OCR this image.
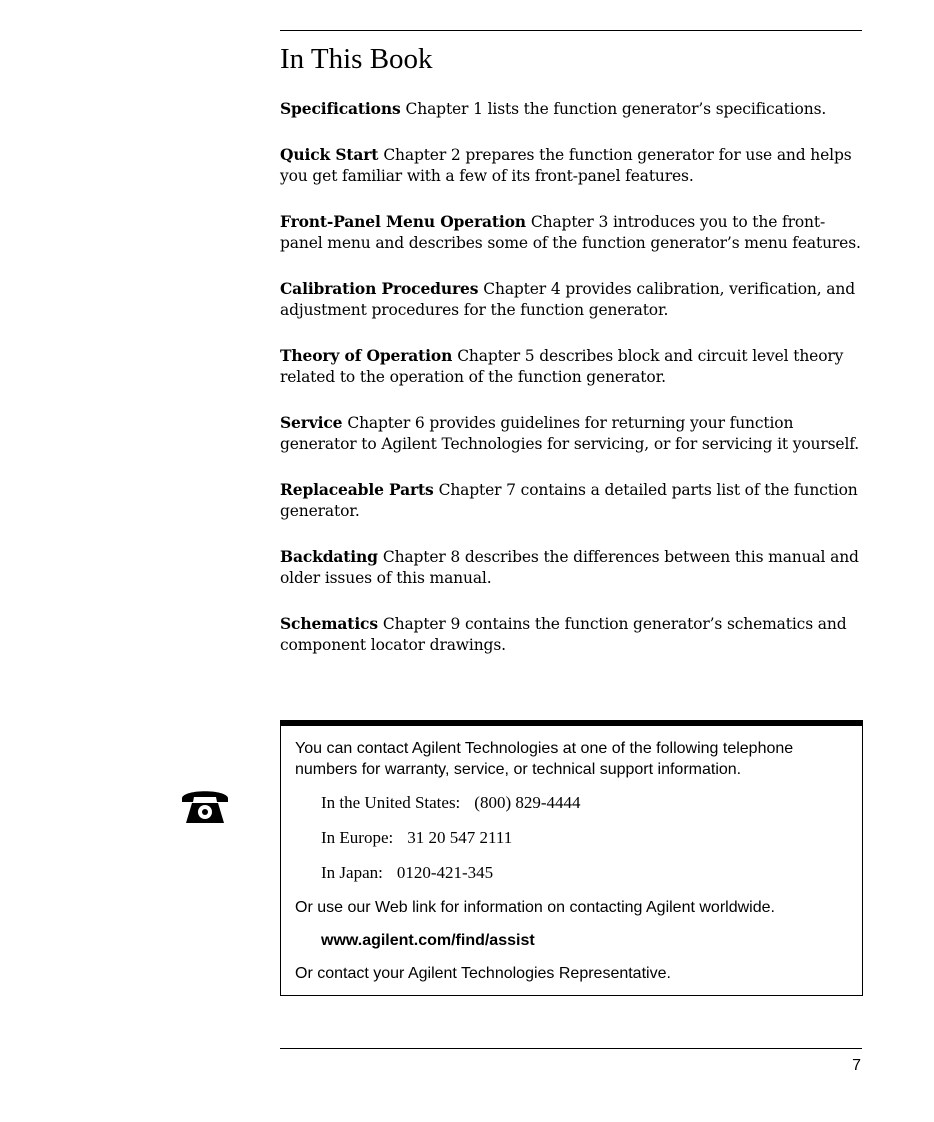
In This Book

Specifications Chapter 1 lists the function generator’s specifications.

Quick Start Chapter 2 prepares the function generator for use and helps you get familiar with a few of its front-panel features.

Front-Panel Menu Operation Chapter 3 introduces you to the front-panel menu and describes some of the function generator’s menu features.

Calibration Procedures Chapter 4 provides calibration, verification, and adjustment procedures for the function generator.

Theory of Operation Chapter 5 describes block and circuit level theory related to the operation of the function generator.

Service Chapter 6 provides guidelines for returning your function generator to Agilent Technologies for servicing, or for servicing it yourself.

Replaceable Parts Chapter 7 contains a detailed parts list of the function generator.

Backdating Chapter 8 describes the differences between this manual and older issues of this manual.

Schematics Chapter 9 contains the function generator’s schematics and component locator drawings.

You can contact Agilent Technologies at one of the following telephone numbers for warranty, service, or technical support information.

In the United States: (800) 829-4444

In Europe: 31 20 547 2111

In Japan: 0120-421-345

Or use our Web link for information on contacting Agilent worldwide.

www.agilent.com/find/assist

Or contact your Agilent Technologies Representative.

7
